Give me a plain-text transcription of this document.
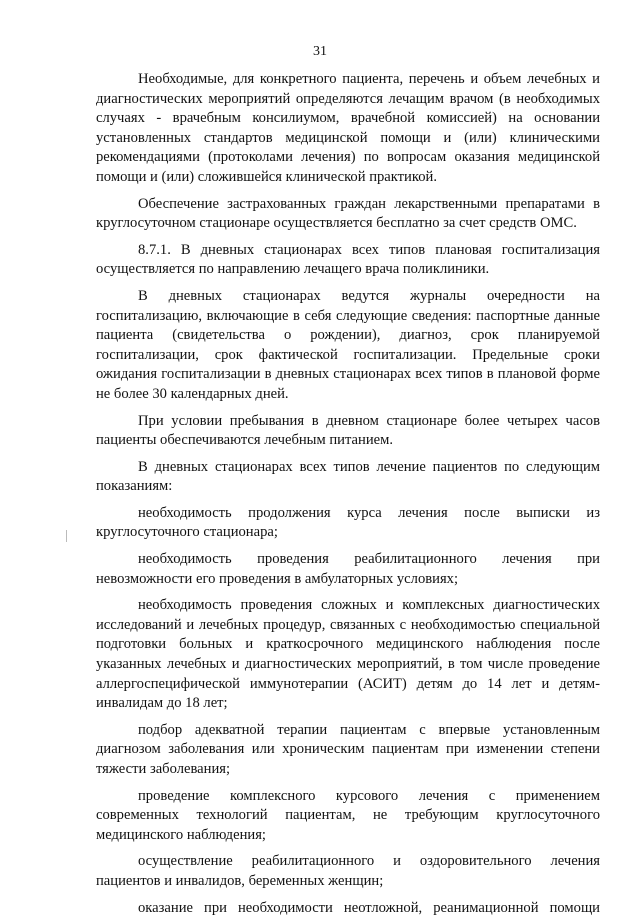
31

Необходимые, для конкретного пациента, перечень и объем лечебных и диагностических мероприятий определяются лечащим врачом (в необходимых случаях - врачебным консилиумом, врачебной комиссией) на основании установленных стандартов медицинской помощи и (или) клиническими рекомендациями (протоколами лечения) по вопросам оказания медицинской помощи и (или) сложившейся клинической практикой.

Обеспечение застрахованных граждан лекарственными препаратами в круглосуточном стационаре осуществляется бесплатно за счет средств ОМС.

8.7.1. В дневных стационарах всех типов плановая госпитализация осуществляется по направлению лечащего врача поликлиники.

В дневных стационарах ведутся журналы очередности на госпитализацию, включающие в себя следующие сведения: паспортные данные пациента (свидетельства о рождении), диагноз, срок планируемой госпитализации, срок фактической госпитализации. Предельные сроки ожидания госпитализации в дневных стационарах всех типов в плановой форме не более 30 календарных дней.

При условии пребывания в дневном стационаре более четырех часов пациенты обеспечиваются лечебным питанием.

В дневных стационарах всех типов лечение пациентов по следующим показаниям:

необходимость продолжения курса лечения после выписки из круглосуточного стационара;

необходимость проведения реабилитационного лечения при невозможности его проведения в амбулаторных условиях;

необходимость проведения сложных и комплексных диагностических исследований и лечебных процедур, связанных с необходимостью специальной подготовки больных и краткосрочного медицинского наблюдения после указанных лечебных и диагностических мероприятий, в том числе проведение аллергоспецифической иммунотерапии (АСИТ) детям до 14 лет и детям-инвалидам до 18 лет;

подбор адекватной терапии пациентам с впервые установленным диагнозом заболевания или хроническим пациентам при изменении степени тяжести заболевания;

проведение комплексного курсового лечения с применением современных технологий пациентам, не требующим круглосуточного медицинского наблюдения;

осуществление реабилитационного и оздоровительного лечения пациентов и инвалидов, беременных женщин;

оказание при необходимости неотложной, реанимационной помощи
